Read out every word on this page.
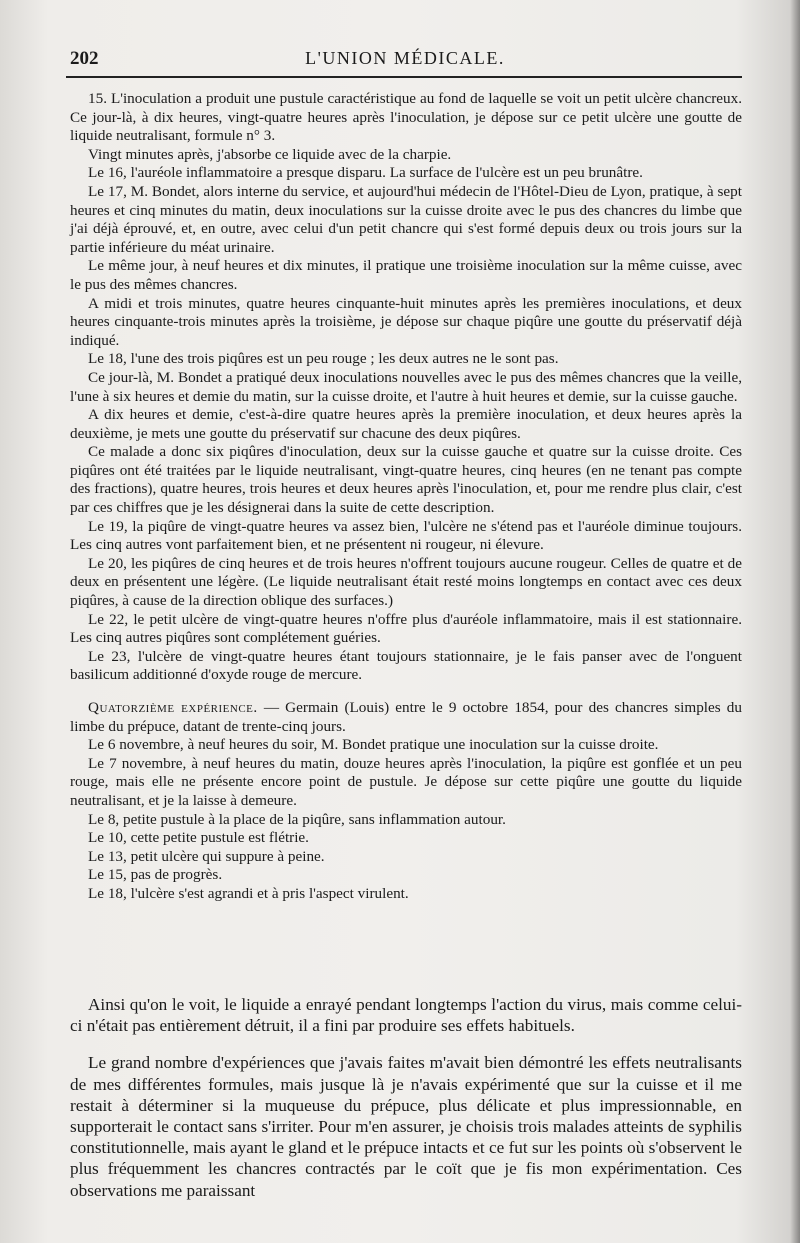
202	L'UNION MÉDICALE.

15. L'inoculation a produit une pustule caractéristique au fond de laquelle se voit un petit ulcère chancreux. Ce jour-là, à dix heures, vingt-quatre heures après l'inoculation, je dépose sur ce petit ulcère une goutte de liquide neutralisant, formule n° 3.

Vingt minutes après, j'absorbe ce liquide avec de la charpie.

Le 16, l'auréole inflammatoire a presque disparu. La surface de l'ulcère est un peu brunâtre.

Le 17, M. Bondet, alors interne du service, et aujourd'hui médecin de l'Hôtel-Dieu de Lyon, pratique, à sept heures et cinq minutes du matin, deux inoculations sur la cuisse droite avec le pus des chancres du limbe que j'ai déjà éprouvé, et, en outre, avec celui d'un petit chancre qui s'est formé depuis deux ou trois jours sur la partie inférieure du méat urinaire.

Le même jour, à neuf heures et dix minutes, il pratique une troisième inoculation sur la même cuisse, avec le pus des mêmes chancres.

A midi et trois minutes, quatre heures cinquante-huit minutes après les premières inoculations, et deux heures cinquante-trois minutes après la troisième, je dépose sur chaque piqûre une goutte du préservatif déjà indiqué.

Le 18, l'une des trois piqûres est un peu rouge ; les deux autres ne le sont pas.

Ce jour-là, M. Bondet a pratiqué deux inoculations nouvelles avec le pus des mêmes chancres que la veille, l'une à six heures et demie du matin, sur la cuisse droite, et l'autre à huit heures et demie, sur la cuisse gauche.

A dix heures et demie, c'est-à-dire quatre heures après la première inoculation, et deux heures après la deuxième, je mets une goutte du préservatif sur chacune des deux piqûres.

Ce malade a donc six piqûres d'inoculation, deux sur la cuisse gauche et quatre sur la cuisse droite. Ces piqûres ont été traitées par le liquide neutralisant, vingt-quatre heures, cinq heures (en ne tenant pas compte des fractions), quatre heures, trois heures et deux heures après l'inoculation, et, pour me rendre plus clair, c'est par ces chiffres que je les désignerai dans la suite de cette description.

Le 19, la piqûre de vingt-quatre heures va assez bien, l'ulcère ne s'étend pas et l'auréole diminue toujours. Les cinq autres vont parfaitement bien, et ne présentent ni rougeur, ni élevure.

Le 20, les piqûres de cinq heures et de trois heures n'offrent toujours aucune rougeur. Celles de quatre et de deux en présentent une légère. (Le liquide neutralisant était resté moins longtemps en contact avec ces deux piqûres, à cause de la direction oblique des surfaces.)

Le 22, le petit ulcère de vingt-quatre heures n'offre plus d'auréole inflammatoire, mais il est stationnaire. Les cinq autres piqûres sont complétement guéries.

Le 23, l'ulcère de vingt-quatre heures étant toujours stationnaire, je le fais panser avec de l'onguent basilicum additionné d'oxyde rouge de mercure.

Quatorzième expérience. — Germain (Louis) entre le 9 octobre 1854, pour des chancres simples du limbe du prépuce, datant de trente-cinq jours.

Le 6 novembre, à neuf heures du soir, M. Bondet pratique une inoculation sur la cuisse droite.

Le 7 novembre, à neuf heures du matin, douze heures après l'inoculation, la piqûre est gonflée et un peu rouge, mais elle ne présente encore point de pustule. Je dépose sur cette piqûre une goutte du liquide neutralisant, et je la laisse à demeure.

Le 8, petite pustule à la place de la piqûre, sans inflammation autour.

Le 10, cette petite pustule est flétrie.

Le 13, petit ulcère qui suppure à peine.

Le 15, pas de progrès.

Le 18, l'ulcère s'est agrandi et à pris l'aspect virulent.

Ainsi qu'on le voit, le liquide a enrayé pendant longtemps l'action du virus, mais comme celui-ci n'était pas entièrement détruit, il a fini par produire ses effets habituels.

Le grand nombre d'expériences que j'avais faites m'avait bien démontré les effets neutralisants de mes différentes formules, mais jusque là je n'avais expérimenté que sur la cuisse et il me restait à déterminer si la muqueuse du prépuce, plus délicate et plus impressionnable, en supporterait le contact sans s'irriter. Pour m'en assurer, je choisis trois malades atteints de syphilis constitutionnelle, mais ayant le gland et le prépuce intacts et ce fut sur les points où s'observent le plus fréquemment les chancres contractés par le coït que je fis mon expérimentation. Ces observations me paraissant
